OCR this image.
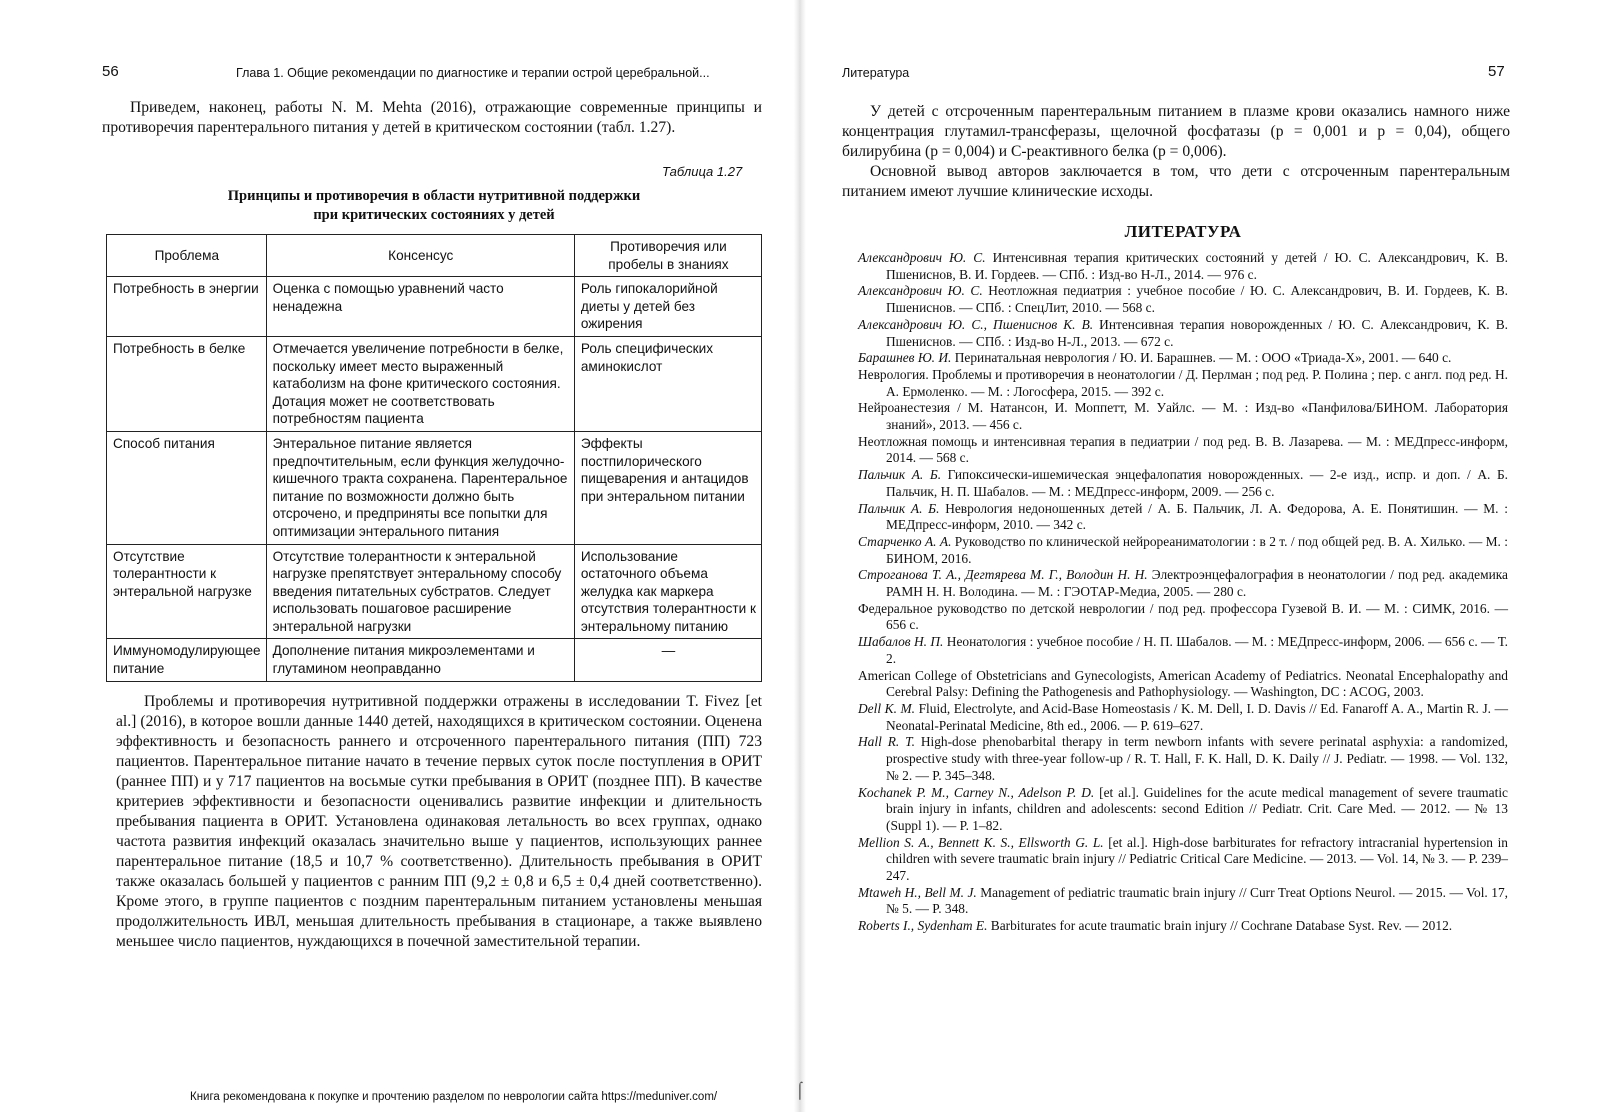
56	Глава 1. Общие рекомендации по диагностике и терапии острой церебральной...

Приведем, наконец, работы N. M. Mehta (2016), отражающие современные принципы и противоречия парентерального питания у детей в критическом состоянии (табл. 1.27).

Таблица 1.27
Принципы и противоречия в области нутритивной поддержки
при критических состояниях у детей
Проблема	Консенсус	Противоречия или пробелы в знаниях
Потребность в энергии	Оценка с помощью уравнений часто ненадежна	Роль гипокалорийной диеты у детей без ожирения
Потребность в белке	Отмечается увеличение потребности в белке, поскольку имеет место выраженный катаболизм на фоне критического состояния. Дотация может не соответствовать потребностям пациента	Роль специфических аминокислот
Способ питания	Энтеральное питание является предпочтительным, если функция желудочно-кишечного тракта сохранена. Парентеральное питание по возможности должно быть отсрочено, и предприняты все попытки для оптимизации энтерального питания	Эффекты постпилорического пищеварения и антацидов при энтеральном питании
Отсутствие толерантности к энтеральной нагрузке	Отсутствие толерантности к энтеральной нагрузке препятствует энтеральному способу введения питательных субстратов. Следует использовать пошаговое расширение энтеральной нагрузки	Использование остаточного объема желудка как маркера отсутствия толерантности к энтеральному питанию
Иммуномодулирующее питание	Дополнение питания микроэлементами и глутамином неоправданно	—

Проблемы и противоречия нутритивной поддержки отражены в исследовании T. Fivez [et al.] (2016), в которое вошли данные 1440 детей, находящихся в критическом состоянии. Оценена эффективность и безопасность раннего и отсроченного парентерального питания (ПП) 723 пациентов. Парентеральное питание начато в течение первых суток после поступления в ОРИТ (раннее ПП) и у 717 пациентов на восьмые сутки пребывания в ОРИТ (позднее ПП). В качестве критериев эффективности и безопасности оценивались развитие инфекции и длительность пребывания пациента в ОРИТ. Установлена одинаковая летальность во всех группах, однако частота развития инфекций оказалась значительно выше у пациентов, использующих раннее парентеральное питание (18,5 и 10,7 % соответственно). Длительность пребывания в ОРИТ также оказалась большей у пациентов с ранним ПП (9,2 ± 0,8 и 6,5 ± 0,4 дней соответственно). Кроме этого, в группе пациентов с поздним парентеральным питанием установлены меньшая продолжительность ИВЛ, меньшая длительность пребывания в стационаре, а также выявлено меньшее число пациентов, нуждающихся в почечной заместительной терапии.

Литература	57

У детей с отсроченным парентеральным питанием в плазме крови оказались намного ниже концентрация глутамил-трансферазы, щелочной фосфатазы (p = 0,001 и p = 0,04), общего билирубина (p = 0,004) и С-реактивного белка (p = 0,006).

Основной вывод авторов заключается в том, что дети с отсроченным парентеральным питанием имеют лучшие клинические исходы.

ЛИТЕРАТУРА
Александрович Ю. С. Интенсивная терапия критических состояний у детей / Ю. С. Александрович, К. В. Пшениснов, В. И. Гордеев. — СПб. : Изд-во Н-Л., 2014. — 976 с.
Александрович Ю. С. Неотложная педиатрия : учебное пособие / Ю. С. Александрович, В. И. Гордеев, К. В. Пшениснов. — СПб. : СпецЛит, 2010. — 568 с.
Александрович Ю. С., Пшениснов К. В. Интенсивная терапия новорожденных / Ю. С. Александрович, К. В. Пшениснов. — СПб. : Изд-во Н-Л., 2013. — 672 с.
Барашнев Ю. И. Перинатальная неврология / Ю. И. Барашнев. — М. : ООО «Триада-Х», 2001. — 640 с.
Неврология. Проблемы и противоречия в неонатологии / Д. Перлман ; под ред. Р. Полина ; пер. с англ. под ред. Н. А. Ермоленко. — М. : Логосфера, 2015. — 392 с.
Нейроанестезия / М. Натансон, И. Моппетт, М. Уайлс. — М. : Изд-во «Панфилова/БИНОМ. Лаборатория знаний», 2013. — 456 с.
Неотложная помощь и интенсивная терапия в педиатрии / под ред. В. В. Лазарева. — М. : МЕДпресс-информ, 2014. — 568 с.
Пальчик А. Б. Гипоксически-ишемическая энцефалопатия новорожденных. — 2-е изд., испр. и доп. / А. Б. Пальчик, Н. П. Шабалов. — М. : МЕДпресс-информ, 2009. — 256 с.
Пальчик А. Б. Неврология недоношенных детей / А. Б. Пальчик, Л. А. Федорова, А. Е. Понятишин. — М. : МЕДпресс-информ, 2010. — 342 с.
Старченко А. А. Руководство по клинической нейрореаниматологии : в 2 т. / под общей ред. В. А. Хилько. — М. : БИНОМ, 2016.
Строганова Т. А., Дегтярева М. Г., Володин Н. Н. Электроэнцефалография в неонатологии / под ред. академика РАМН Н. Н. Володина. — М. : ГЭОТАР-Медиа, 2005. — 280 с.
Федеральное руководство по детской неврологии / под ред. профессора Гузевой В. И. — М. : СИМК, 2016. — 656 с.
Шабалов Н. П. Неонатология : учебное пособие / Н. П. Шабалов. — М. : МЕДпресс-информ, 2006. — 656 с. — Т. 2.
American College of Obstetricians and Gynecologists, American Academy of Pediatrics. Neonatal Encephalopathy and Cerebral Palsy: Defining the Pathogenesis and Pathophysiology. — Washington, DC : ACOG, 2003.
Dell K. M. Fluid, Electrolyte, and Acid-Base Homeostasis / K. M. Dell, I. D. Davis // Ed. Fanaroff A. A., Martin R. J. — Neonatal-Perinatal Medicine, 8th ed., 2006. — P. 619–627.
Hall R. T. High-dose phenobarbital therapy in term newborn infants with severe perinatal asphyxia: a randomized, prospective study with three-year follow-up / R. T. Hall, F. K. Hall, D. K. Daily // J. Pediatr. — 1998. — Vol. 132, № 2. — P. 345–348.
Kochanek P. M., Carney N., Adelson P. D. [et al.]. Guidelines for the acute medical management of severe traumatic brain injury in infants, children and adolescents: second Edition // Pediatr. Crit. Care Med. — 2012. — № 13 (Suppl 1). — P. 1–82.
Mellion S. A., Bennett K. S., Ellsworth G. L. [et al.]. High-dose barbiturates for refractory intracranial hypertension in children with severe traumatic brain injury // Pediatric Critical Care Medicine. — 2013. — Vol. 14, № 3. — P. 239–247.
Mtaweh H., Bell M. J. Management of pediatric traumatic brain injury // Curr Treat Options Neurol. — 2015. — Vol. 17, № 5. — P. 348.
Roberts I., Sydenham E. Barbiturates for acute traumatic brain injury // Cochrane Database Syst. Rev. — 2012.
Книга рекомендована к покупке и прочтению разделом по неврологии сайта https://meduniver.com/	⌠
